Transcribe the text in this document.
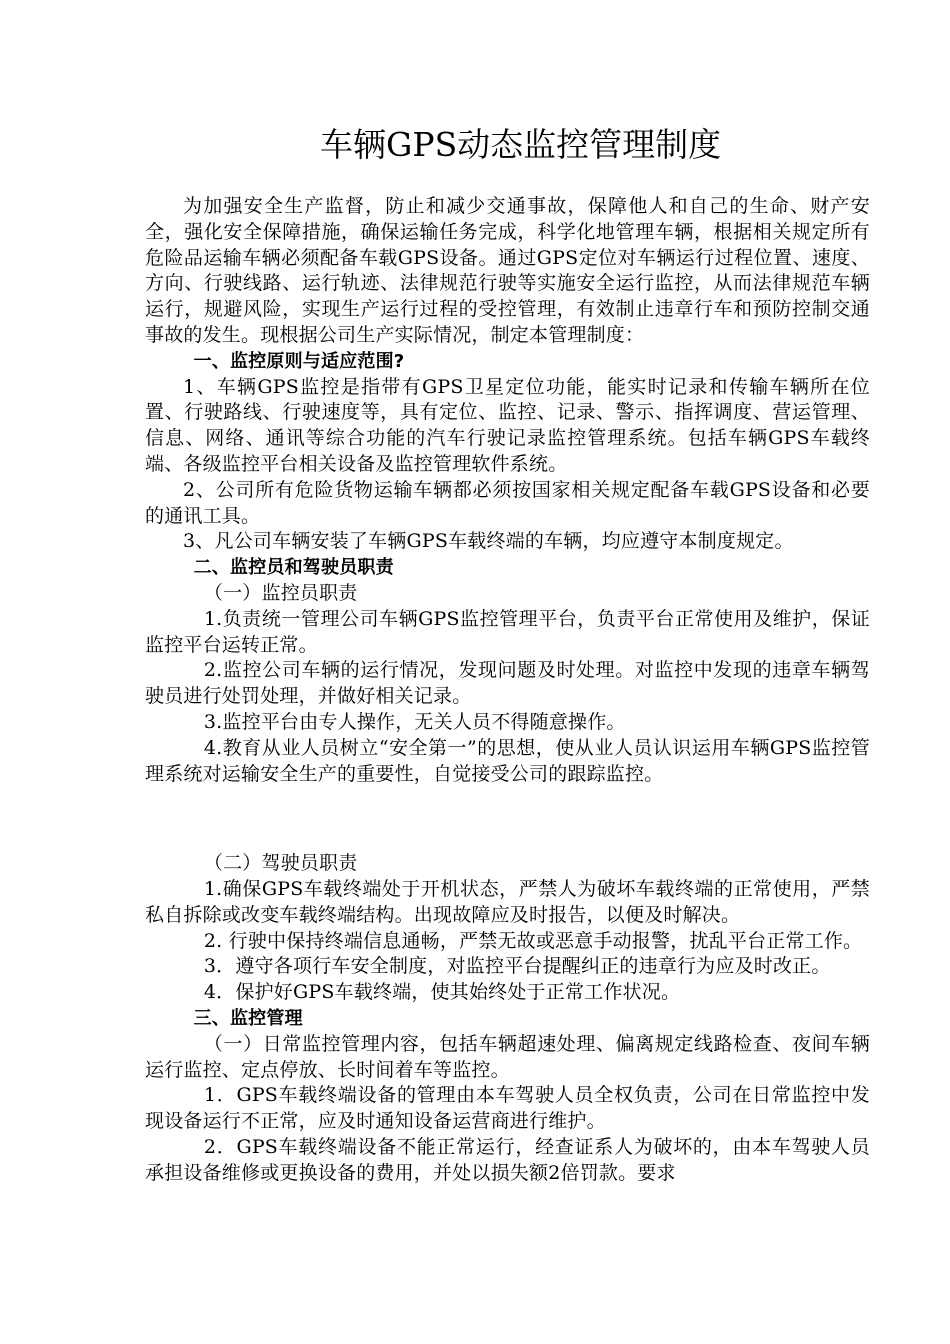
车辆GPS动态监控管理制度

为加强安全生产监督，防止和减少交通事故，保障他人和自己的生命、财产安全，强化安全保障措施，确保运输任务完成，科学化地管理车辆，根据相关规定所有危险品运输车辆必须配备车载GPS设备。通过GPS定位对车辆运行过程位置、速度、方向、行驶线路、运行轨迹、法律规范行驶等实施安全运行监控，从而法律规范车辆运行，规避风险，实现生产运行过程的受控管理，有效制止违章行车和预防控制交通事故的发生。现根据公司生产实际情况，制定本管理制度：

一、监控原则与适应范围?

1、车辆GPS监控是指带有GPS卫星定位功能，能实时记录和传输车辆所在位置、行驶路线、行驶速度等，具有定位、监控、记录、警示、指挥调度、营运管理、信息、网络、通讯等综合功能的汽车行驶记录监控管理系统。包括车辆GPS车载终端、各级监控平台相关设备及监控管理软件系统。

2、公司所有危险货物运输车辆都必须按国家相关规定配备车载GPS设备和必要的通讯工具。

3、凡公司车辆安装了车辆GPS车载终端的车辆，均应遵守本制度规定。

二、监控员和驾驶员职责

（一）监控员职责

1.负责统一管理公司车辆GPS监控管理平台，负责平台正常使用及维护，保证监控平台运转正常。

2.监控公司车辆的运行情况，发现问题及时处理。对监控中发现的违章车辆驾驶员进行处罚处理，并做好相关记录。

3.监控平台由专人操作，无关人员不得随意操作。

4.教育从业人员树立“安全第一”的思想，使从业人员认识运用车辆GPS监控管理系统对运输安全生产的重要性，自觉接受公司的跟踪监控。

（二）驾驶员职责

1.确保GPS车载终端处于开机状态，严禁人为破坏车载终端的正常使用，严禁私自拆除或改变车载终端结构。出现故障应及时报告，以便及时解决。

2. 行驶中保持终端信息通畅，严禁无故或恶意手动报警，扰乱平台正常工作。

3．遵守各项行车安全制度，对监控平台提醒纠正的违章行为应及时改正。

4．保护好GPS车载终端，使其始终处于正常工作状况。

三、监控管理

（一）日常监控管理内容，包括车辆超速处理、偏离规定线路检查、夜间车辆运行监控、定点停放、长时间着车等监控。

1．GPS车载终端设备的管理由本车驾驶人员全权负责，公司在日常监控中发现设备运行不正常，应及时通知设备运营商进行维护。

2．GPS车载终端设备不能正常运行，经查证系人为破坏的，由本车驾驶人员承担设备维修或更换设备的费用，并处以损失额2倍罚款。要求
